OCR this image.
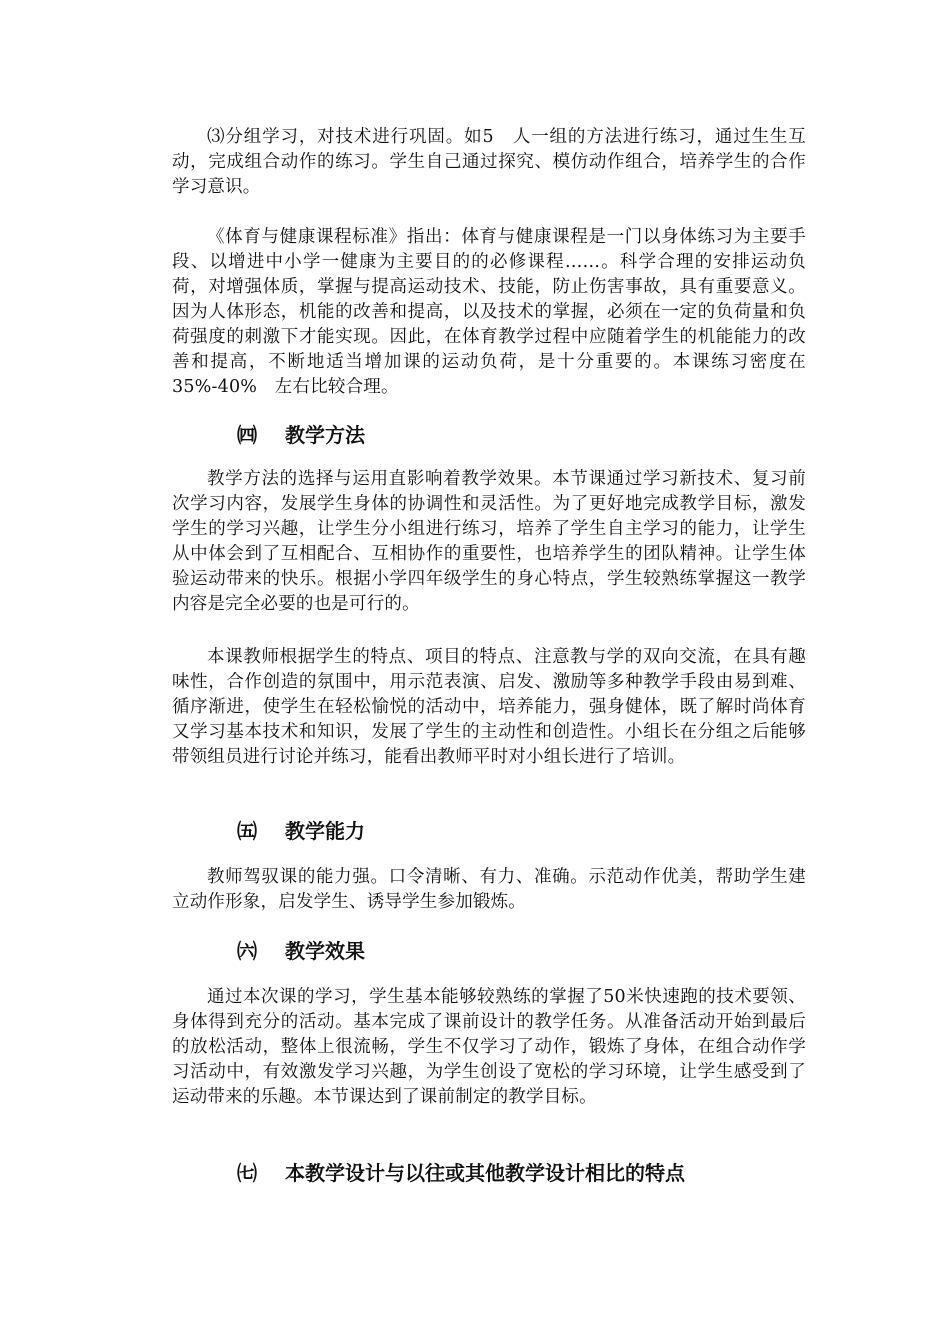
⑶分组学习，对技术进行巩固。如5　人一组的方法进行练习，通过生生互动，完成组合动作的练习。学生自己通过探究、模仿动作组合，培养学生的合作学习意识。

《体育与健康课程标准》指出：体育与健康课程是一门以身体练习为主要手段、以增进中小学一健康为主要目的的必修课程……。科学合理的安排运动负荷，对增强体质，掌握与提高运动技术、技能，防止伤害事故，具有重要意义。因为人体形态，机能的改善和提高，以及技术的掌握，必须在一定的负荷量和负荷强度的刺激下才能实现。因此，在体育教学过程中应随着学生的机能能力的改善和提高，不断地适当增加课的运动负荷，是十分重要的。本课练习密度在　35%-40%　左右比较合理。

㈣ 教学方法

教学方法的选择与运用直影响着教学效果。本节课通过学习新技术、复习前次学习内容，发展学生身体的协调性和灵活性。为了更好地完成教学目标，激发学生的学习兴趣，让学生分小组进行练习，培养了学生自主学习的能力，让学生从中体会到了互相配合、互相协作的重要性，也培养学生的团队精神。让学生体验运动带来的快乐。根据小学四年级学生的身心特点，学生较熟练掌握这一教学内容是完全必要的也是可行的。

本课教师根据学生的特点、项目的特点、注意教与学的双向交流，在具有趣味性，合作创造的氛围中，用示范表演、启发、激励等多种教学手段由易到难、循序渐进，使学生在轻松愉悦的活动中，培养能力，强身健体，既了解时尚体育又学习基本技术和知识，发展了学生的主动性和创造性。小组长在分组之后能够带领组员进行讨论并练习，能看出教师平时对小组长进行了培训。

㈤ 教学能力

教师驾驭课的能力强。口令清晰、有力、准确。示范动作优美，帮助学生建立动作形象，启发学生、诱导学生参加锻炼。

㈥ 教学效果

通过本次课的学习，学生基本能够较熟练的掌握了50米快速跑的技术要领、身体得到充分的活动。基本完成了课前设计的教学任务。从准备活动开始到最后的放松活动，整体上很流畅，学生不仅学习了动作，锻炼了身体，在组合动作学习活动中，有效激发学习兴趣，为学生创设了宽松的学习环境，让学生感受到了运动带来的乐趣。本节课达到了课前制定的教学目标。

㈦ 本教学设计与以往或其他教学设计相比的特点
